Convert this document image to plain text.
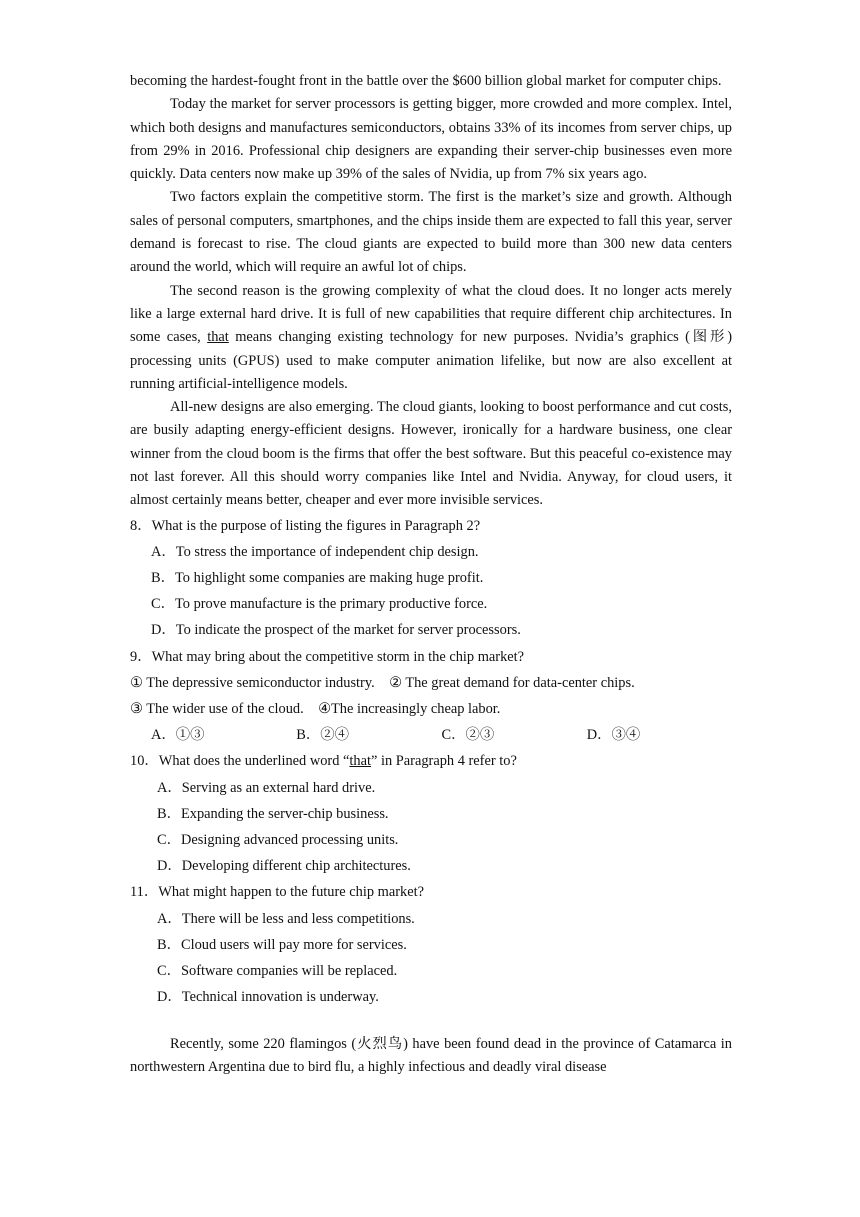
becoming the hardest-fought front in the battle over the $600 billion global market for computer chips.

Today the market for server processors is getting bigger, more crowded and more complex. Intel, which both designs and manufactures semiconductors, obtains 33% of its incomes from server chips, up from 29% in 2016. Professional chip designers are expanding their server-chip businesses even more quickly. Data centers now make up 39% of the sales of Nvidia, up from 7% six years ago.

Two factors explain the competitive storm. The first is the market’s size and growth. Although sales of personal computers, smartphones, and the chips inside them are expected to fall this year, server demand is forecast to rise. The cloud giants are expected to build more than 300 new data centers around the world, which will require an awful lot of chips.

The second reason is the growing complexity of what the cloud does. It no longer acts merely like a large external hard drive. It is full of new capabilities that require different chip architectures. In some cases, that means changing existing technology for new purposes. Nvidia’s graphics (图形) processing units (GPUS) used to make computer animation lifelike, but now are also excellent at running artificial-intelligence models.

All-new designs are also emerging. The cloud giants, looking to boost performance and cut costs, are busily adapting energy-efficient designs. However, ironically for a hardware business, one clear winner from the cloud boom is the firms that offer the best software. But this peaceful co-existence may not last forever. All this should worry companies like Intel and Nvidia. Anyway, for cloud users, it almost certainly means better, cheaper and ever more invisible services.

8．What is the purpose of listing the figures in Paragraph 2?

A．To stress the importance of independent chip design.

B．To highlight some companies are making huge profit.

C．To prove manufacture is the primary productive force.

D．To indicate the prospect of the market for server processors.

9．What may bring about the competitive storm in the chip market?

① The depressive semiconductor industry.　② The great demand for data-center chips.

③ The wider use of the cloud.　④The increasingly cheap labor.

A．①③	B．②④	C．②③	D．③④

10．What does the underlined word “that” in Paragraph 4 refer to?

A．Serving as an external hard drive.

B．Expanding the server-chip business.

C．Designing advanced processing units.

D．Developing different chip architectures.

11．What might happen to the future chip market?

A．There will be less and less competitions.

B．Cloud users will pay more for services.

C．Software companies will be replaced.

D．Technical innovation is underway.

Recently, some 220 flamingos (火烈鸟) have been found dead in the province of Catamarca in northwestern Argentina due to bird flu, a highly infectious and deadly viral disease
